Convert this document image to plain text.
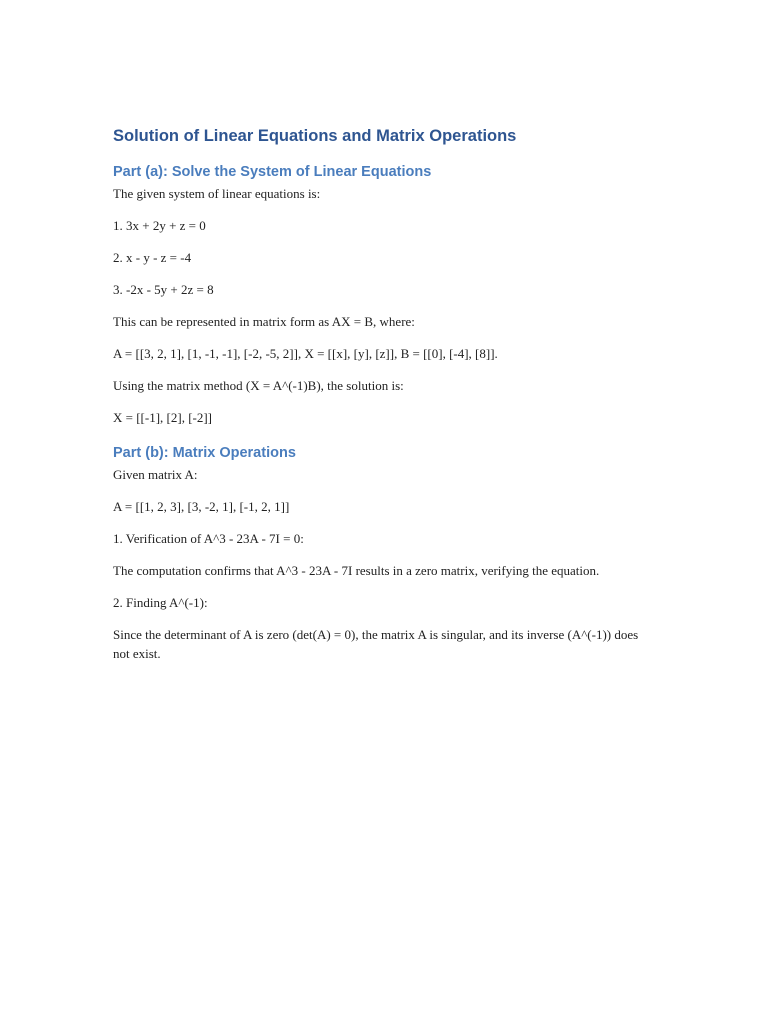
Solution of Linear Equations and Matrix Operations
Part (a): Solve the System of Linear Equations

The given system of linear equations is:

1. 3x + 2y + z = 0

2. x - y - z = -4

3. -2x - 5y + 2z = 8

This can be represented in matrix form as AX = B, where:

A = [[3, 2, 1], [1, -1, -1], [-2, -5, 2]], X = [[x], [y], [z]], B = [[0], [-4], [8]].

Using the matrix method (X = A^(-1)B), the solution is:

X = [[-1], [2], [-2]]

Part (b): Matrix Operations

Given matrix A:

A = [[1, 2, 3], [3, -2, 1], [-1, 2, 1]]

1. Verification of A^3 - 23A - 7I = 0:

The computation confirms that A^3 - 23A - 7I results in a zero matrix, verifying the equation.

2. Finding A^(-1):

Since the determinant of A is zero (det(A) = 0), the matrix A is singular, and its inverse (A^(-1)) does not exist.
